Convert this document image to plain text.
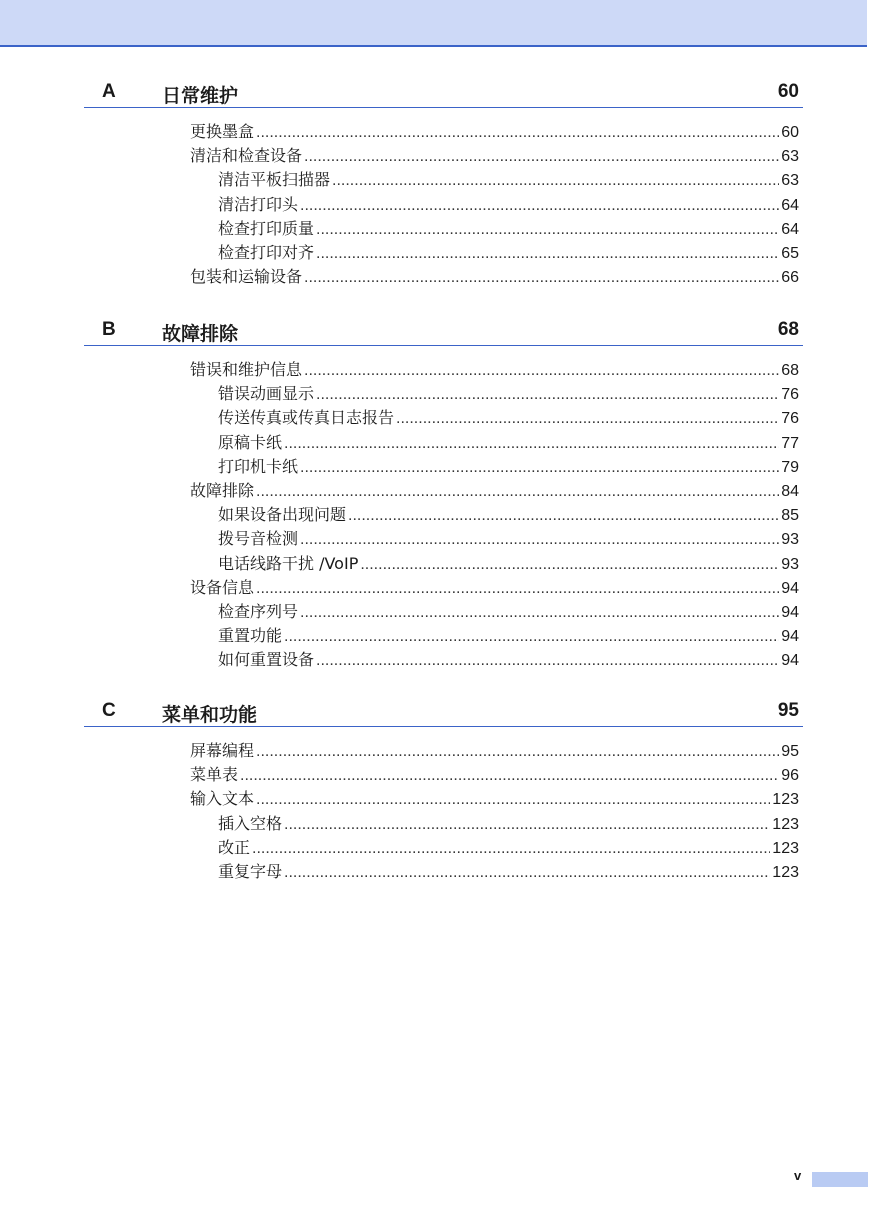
A 日常维护	60
更换墨盒 .....	60
清洁和检查设备 .....	63
清洁平板扫描器 .....	63
清洁打印头 .....	64
检查打印质量 .....	64
检查打印对齐 .....	65
包装和运输设备 .....	66
B 故障排除	68
错误和维护信息 .....	68
错误动画显示 .....	76
传送传真或传真日志报告 .....	76
原稿卡纸 .....	77
打印机卡纸 .....	79
故障排除 .....	84
如果设备出现问题 .....	85
拨号音检测 .....	93
电话线路干扰 /VoIP .....	93
设备信息 .....	94
检查序列号 .....	94
重置功能 .....	94
如何重置设备 .....	94
C 菜单和功能	95
屏幕编程 .....	95
菜单表 .....	96
输入文本 .....	123
插入空格 .....	123
改正 .....	123
重复字母 .....	123
v
